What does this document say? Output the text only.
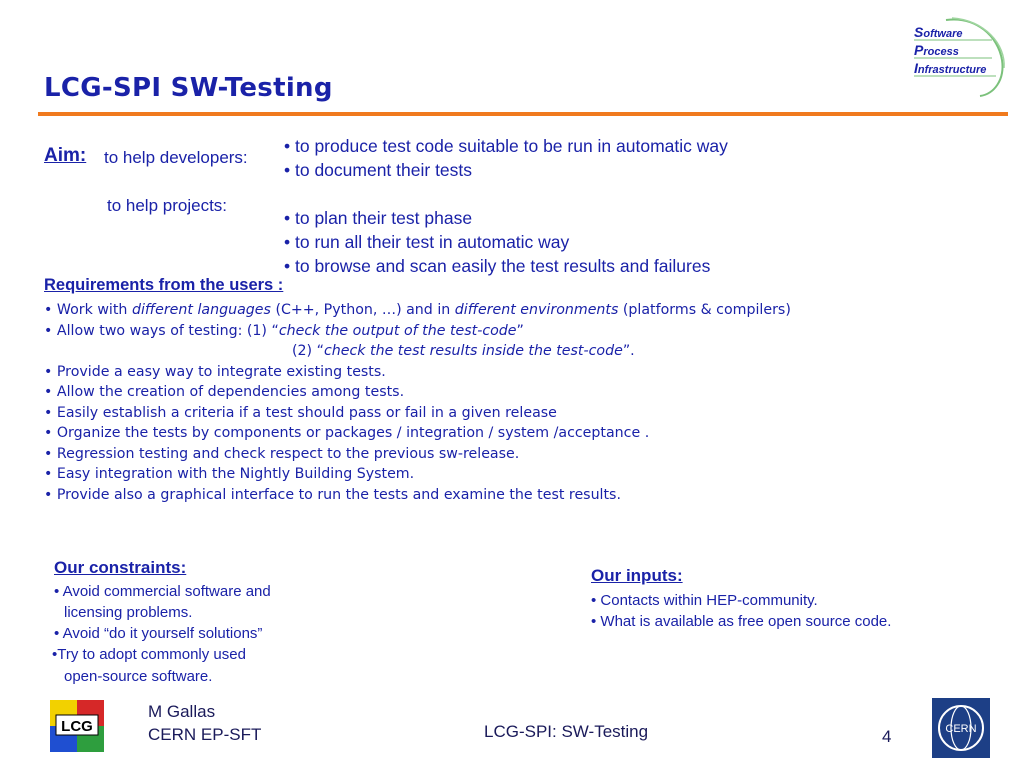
Software
Process
Infrastructure
LCG-SPI SW-Testing
Aim: to help developers:
• to produce test code suitable to be run in automatic way
• to document their tests
to help projects:
• to plan their test phase
• to run all their test in automatic way
• to browse and scan easily the test results and failures
Requirements from the users :
• Work with different languages (C++, Python, …) and in different environments (platforms & compilers)
• Allow two ways of testing: (1) “check the output of the test-code”
(2) “check the test results inside the test-code”.
• Provide a easy way to integrate existing tests.
• Allow the creation of dependencies among tests.
• Easily establish a criteria if a test should pass or fail in a given release
• Organize the tests by components or packages / integration / system /acceptance .
• Regression testing and check respect to the previous sw-release.
• Easy integration with the Nightly Building System.
• Provide also a graphical interface to run the tests and examine the test results.
Our constraints:
• Avoid commercial software and
licensing problems.
• Avoid “do it yourself solutions”
•Try to adopt commonly used
open-source software.
Our inputs:
• Contacts within HEP-community.
• What is available as free open source code.
LCG
M Gallas
CERN EP-SFT	LCG-SPI: SW-Testing	4	CERN
